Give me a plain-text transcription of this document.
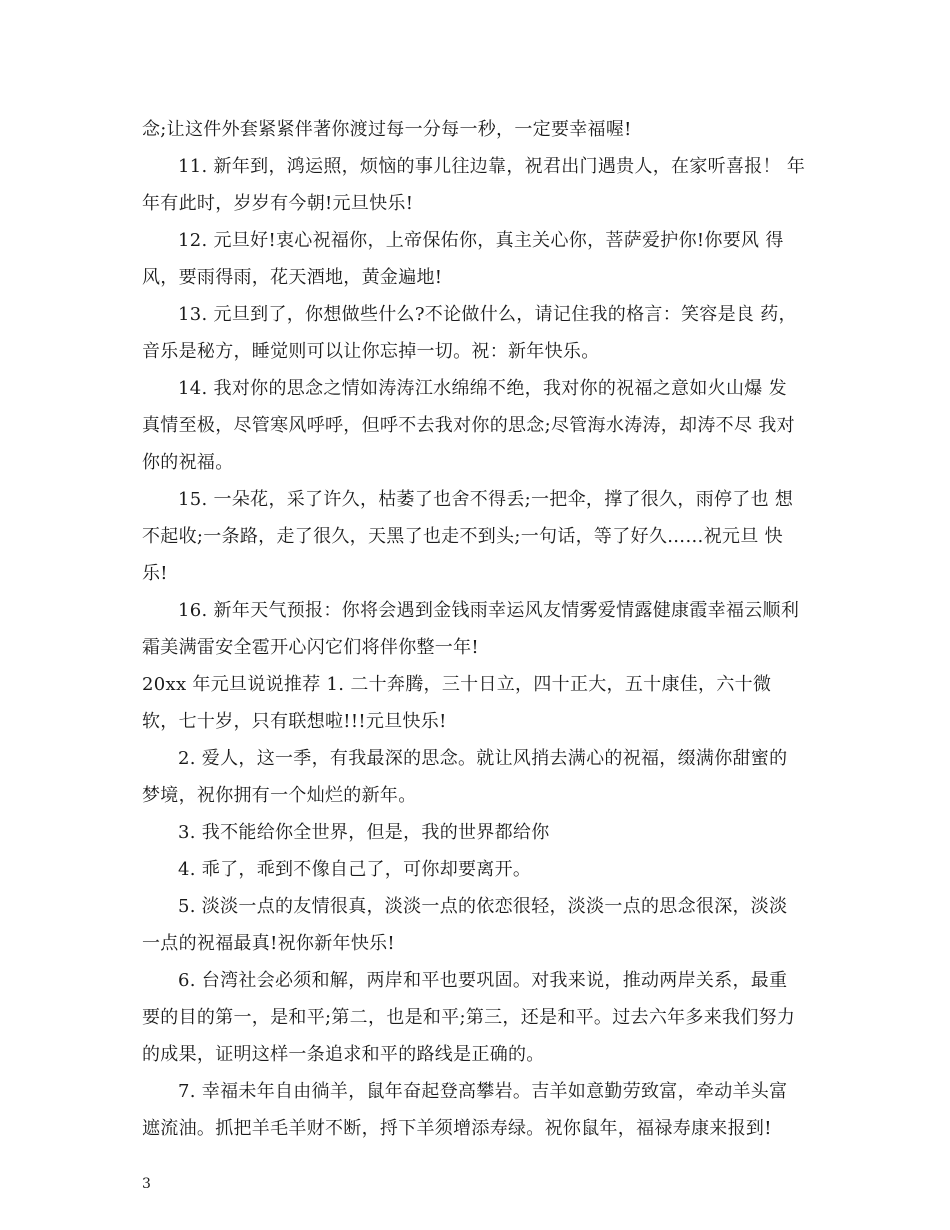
念;让这件外套紧紧伴著你渡过每一分每一秒，一定要幸福喔!
11. 新年到，鸿运照，烦恼的事儿往边靠，祝君出门遇贵人，在家听喜报！ 年
年有此时，岁岁有今朝!元旦快乐!
12. 元旦好!衷心祝福你，上帝保佑你，真主关心你，菩萨爱护你!你要风 得
风，要雨得雨，花天酒地，黄金遍地!
13. 元旦到了，你想做些什么?不论做什么，请记住我的格言：笑容是良 药，
音乐是秘方，睡觉则可以让你忘掉一切。祝：新年快乐。
14. 我对你的思念之情如涛涛江水绵绵不绝，我对你的祝福之意如火山爆 发
真情至极，尽管寒风呼呼，但呼不去我对你的思念;尽管海水涛涛，却涛不尽 我对
你的祝福。
15. 一朵花，采了许久，枯萎了也舍不得丢;一把伞，撑了很久，雨停了也 想
不起收;一条路，走了很久，天黑了也走不到头;一句话，等了好久……祝元旦 快
乐!
16. 新年天气预报：你将会遇到金钱雨幸运风友情雾爱情露健康霞幸福云顺利
霜美满雷安全雹开心闪它们将伴你整一年!
20xx 年元旦说说推荐 1. 二十奔腾，三十日立，四十正大，五十康佳，六十微
软，七十岁，只有联想啦!!!元旦快乐!
2. 爱人，这一季，有我最深的思念。就让风捎去满心的祝福，缀满你甜蜜的
梦境，祝你拥有一个灿烂的新年。
3. 我不能给你全世界，但是，我的世界都给你
4. 乖了，乖到不像自己了，可你却要离开。
5. 淡淡一点的友情很真，淡淡一点的依恋很轻，淡淡一点的思念很深，淡淡
一点的祝福最真!祝你新年快乐!
6. 台湾社会必须和解，两岸和平也要巩固。对我来说，推动两岸关系，最重
要的目的第一，是和平;第二，也是和平;第三，还是和平。过去六年多来我们努力
的成果，证明这样一条追求和平的路线是正确的。
7. 幸福未年自由徜羊，鼠年奋起登高攀岩。吉羊如意勤劳致富，牵动羊头富
遮流油。抓把羊毛羊财不断，捋下羊须增添寿绿。祝你鼠年，福禄寿康来报到!
3
